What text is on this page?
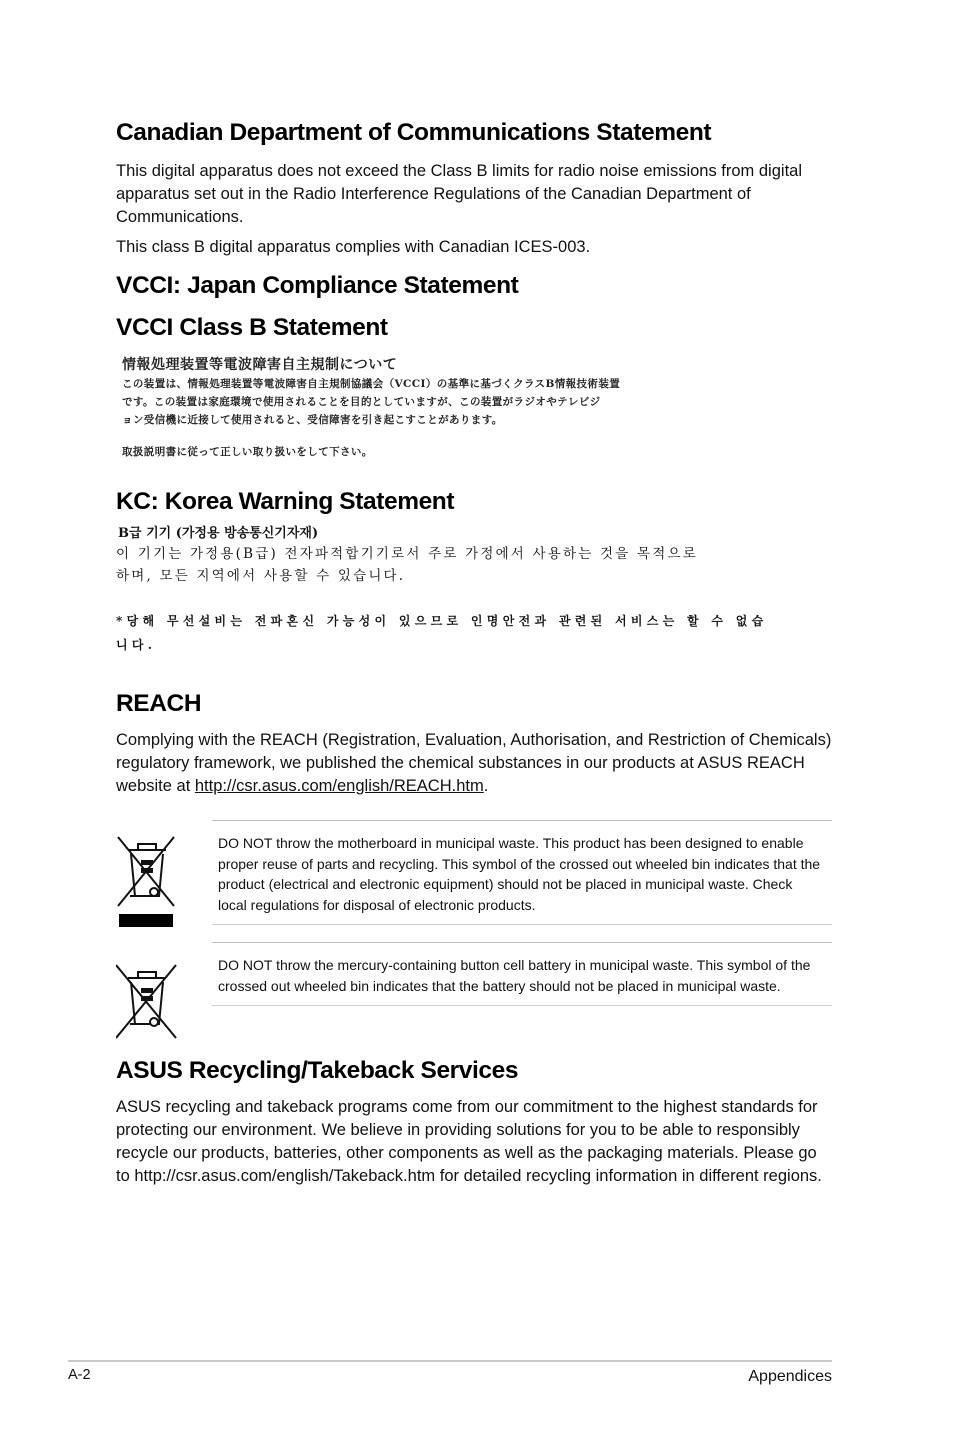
Canadian Department of Communications Statement

This digital apparatus does not exceed the Class B limits for radio noise emissions from digital apparatus set out in the Radio Interference Regulations of the Canadian Department of Communications.

This class B digital apparatus complies with Canadian ICES-003.

VCCI: Japan Compliance Statement
VCCI Class B Statement
情報処理装置等電波障害自主規制について
この装置は、情報処理装置等電波障害自主規制協議会（VCCI）の基準に基づくクラスB情報技術装置
です。この装置は家庭環境で使用されることを目的としていますが、この装置がラジオやテレビジ
ョン受信機に近接して使用されると、受信障害を引き起こすことがあります。
取扱説明書に従って正しい取り扱いをして下さい。
KC: Korea Warning Statement
B급 기기 (가정용 방송통신기자재)
이 기기는 가정용(B급) 전자파적합기기로서 주로 가정에서 사용하는 것을 목적으로
하며, 모든 지역에서 사용할 수 있습니다.
*당해 무선설비는 전파혼신 가능성이 있으므로 인명안전과 관련된 서비스는 할 수 없습
니다.
REACH

Complying with the REACH (Registration, Evaluation, Authorisation, and Restriction of Chemicals) regulatory framework, we published the chemical substances in our products at ASUS REACH website at http://csr.asus.com/english/REACH.htm.

DO NOT throw the motherboard in municipal waste. This product has been designed to enable proper reuse of parts and recycling. This symbol of the crossed out wheeled bin indicates that the product (electrical and electronic equipment) should not be placed in municipal waste. Check local regulations for disposal of electronic products.

DO NOT throw the mercury-containing button cell battery in municipal waste. This symbol of the crossed out wheeled bin indicates that the battery should not be placed in municipal waste.

ASUS Recycling/Takeback Services

ASUS recycling and takeback programs come from our commitment to the highest standards for protecting our environment. We believe in providing solutions for you to be able to responsibly recycle our products, batteries, other components as well as the packaging materials. Please go to http://csr.asus.com/english/Takeback.htm for detailed recycling information in different regions.

A-2	Appendices
